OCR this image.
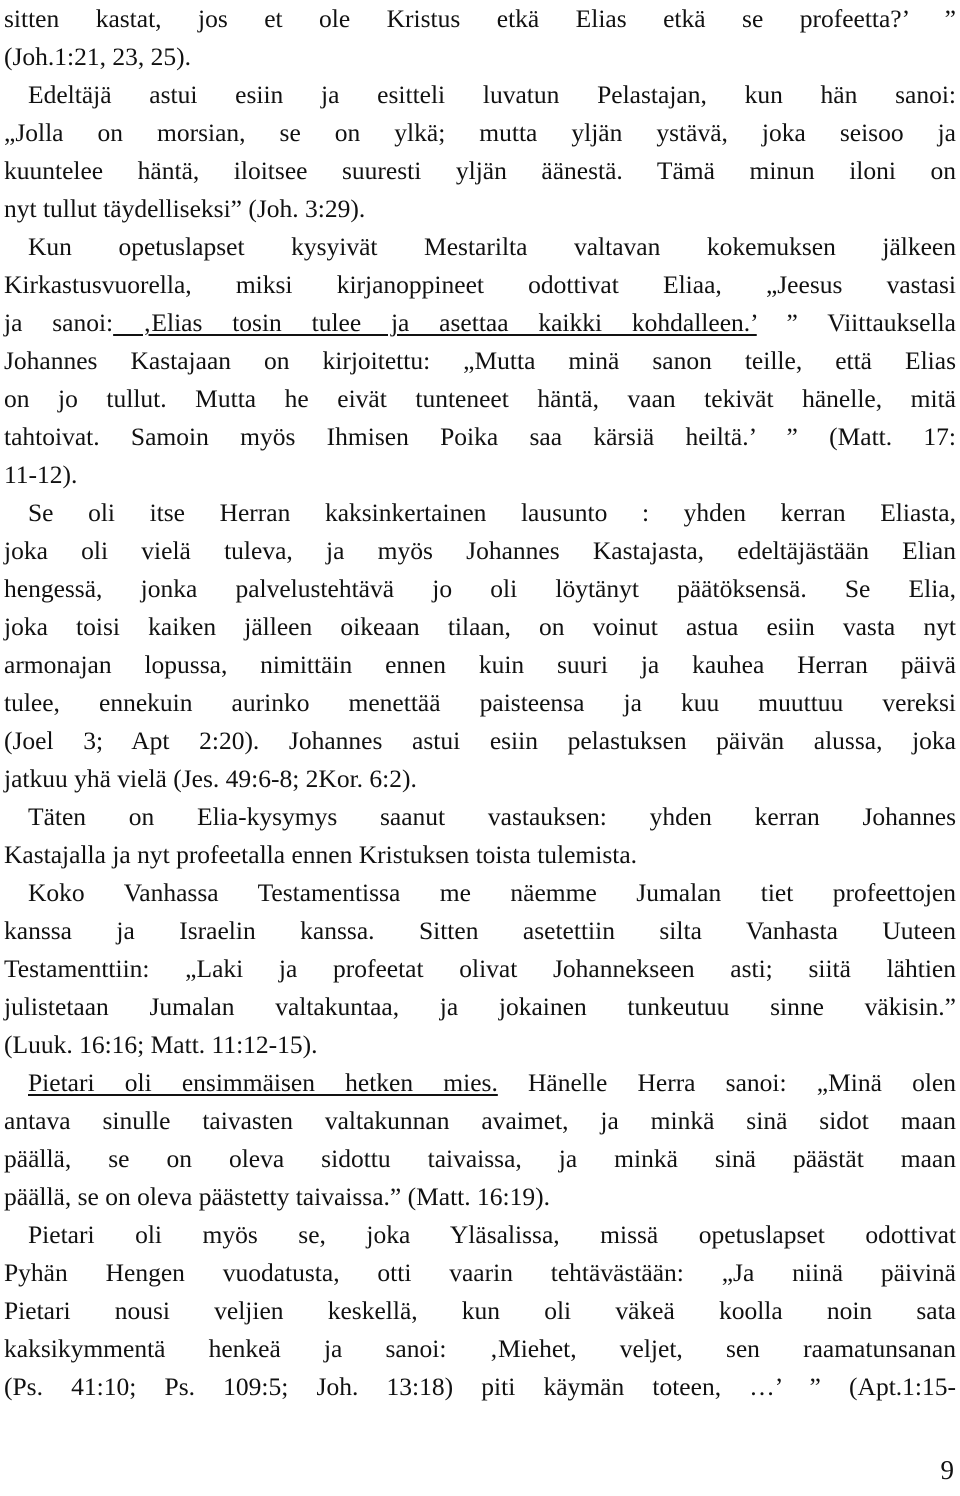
sitten kastat, jos et ole Kristus etkä Elias etkä se profeetta?’ ”
(Joh.1:21, 23, 25).
Edeltäjä astui esiin ja esitteli luvatun Pelastajan, kun hän sanoi:
„Jolla on morsian, se on ylkä; mutta yljän ystävä, joka seisoo ja
kuuntelee häntä, iloitsee suuresti yljän äänestä. Tämä minun iloni on
nyt tullut täydelliseksi” (Joh. 3:29).
Kun opetuslapset kysyivät Mestarilta valtavan kokemuksen jälkeen
Kirkastusvuorella, miksi kirjanoppineet odottivat Eliaa, „Jeesus vastasi
ja sanoi: ‚Elias tosin tulee ja asettaa kaikki kohdalleen.’ ” Viittauksella
Johannes Kastajaan on kirjoitettu: „Mutta minä sanon teille, että Elias
on jo tullut. Mutta he eivät tunteneet häntä, vaan tekivät hänelle, mitä
tahtoivat. Samoin myös Ihmisen Poika saa kärsiä heiltä.’ ” (Matt. 17:
11-12).
Se oli itse Herran kaksinkertainen lausunto : yhden kerran Eliasta,
joka oli vielä tuleva, ja myös Johannes Kastajasta, edeltäjästään Elian
hengessä, jonka palvelustehtävä jo oli löytänyt päätöksensä. Se Elia,
joka toisi kaiken jälleen oikeaan tilaan, on voinut astua esiin vasta nyt
armonajan lopussa, nimittäin ennen kuin suuri ja kauhea Herran päivä
tulee, ennekuin aurinko menettää paisteensa ja kuu muuttuu vereksi
(Joel 3; Apt 2:20). Johannes astui esiin pelastuksen päivän alussa, joka
jatkuu yhä vielä (Jes. 49:6-8; 2Kor. 6:2).
Täten on Elia-kysymys saanut vastauksen: yhden kerran Johannes
Kastajalla ja nyt profeetalla ennen Kristuksen toista tulemista.
Koko Vanhassa Testamentissa me näemme Jumalan tiet profeettojen
kanssa ja Israelin kanssa. Sitten asetettiin silta Vanhasta Uuteen
Testamenttiin: „Laki ja profeetat olivat Johannekseen asti; siitä lähtien
julistetaan Jumalan valtakuntaa, ja jokainen tunkeutuu sinne väkisin.”
(Luuk. 16:16; Matt. 11:12-15).
Pietari oli ensimmäisen hetken mies. Hänelle Herra sanoi: „Minä olen
antava sinulle taivasten valtakunnan avaimet, ja minkä sinä sidot maan
päällä, se on oleva sidottu taivaissa, ja minkä sinä päästät maan
päällä, se on oleva päästetty taivaissa.” (Matt. 16:19).
Pietari oli myös se, joka Yläsalissa, missä opetuslapset odottivat
Pyhän Hengen vuodatusta, otti vaarin tehtävästään: „Ja niinä päivinä
Pietari nousi veljien keskellä, kun oli väkeä koolla noin sata
kaksikymmentä henkeä ja sanoi: ‚Miehet, veljet, sen raamatunsanan
(Ps. 41:10; Ps. 109:5; Joh. 13:18) piti käymän toteen, …’ ” (Apt.1:15-
9
